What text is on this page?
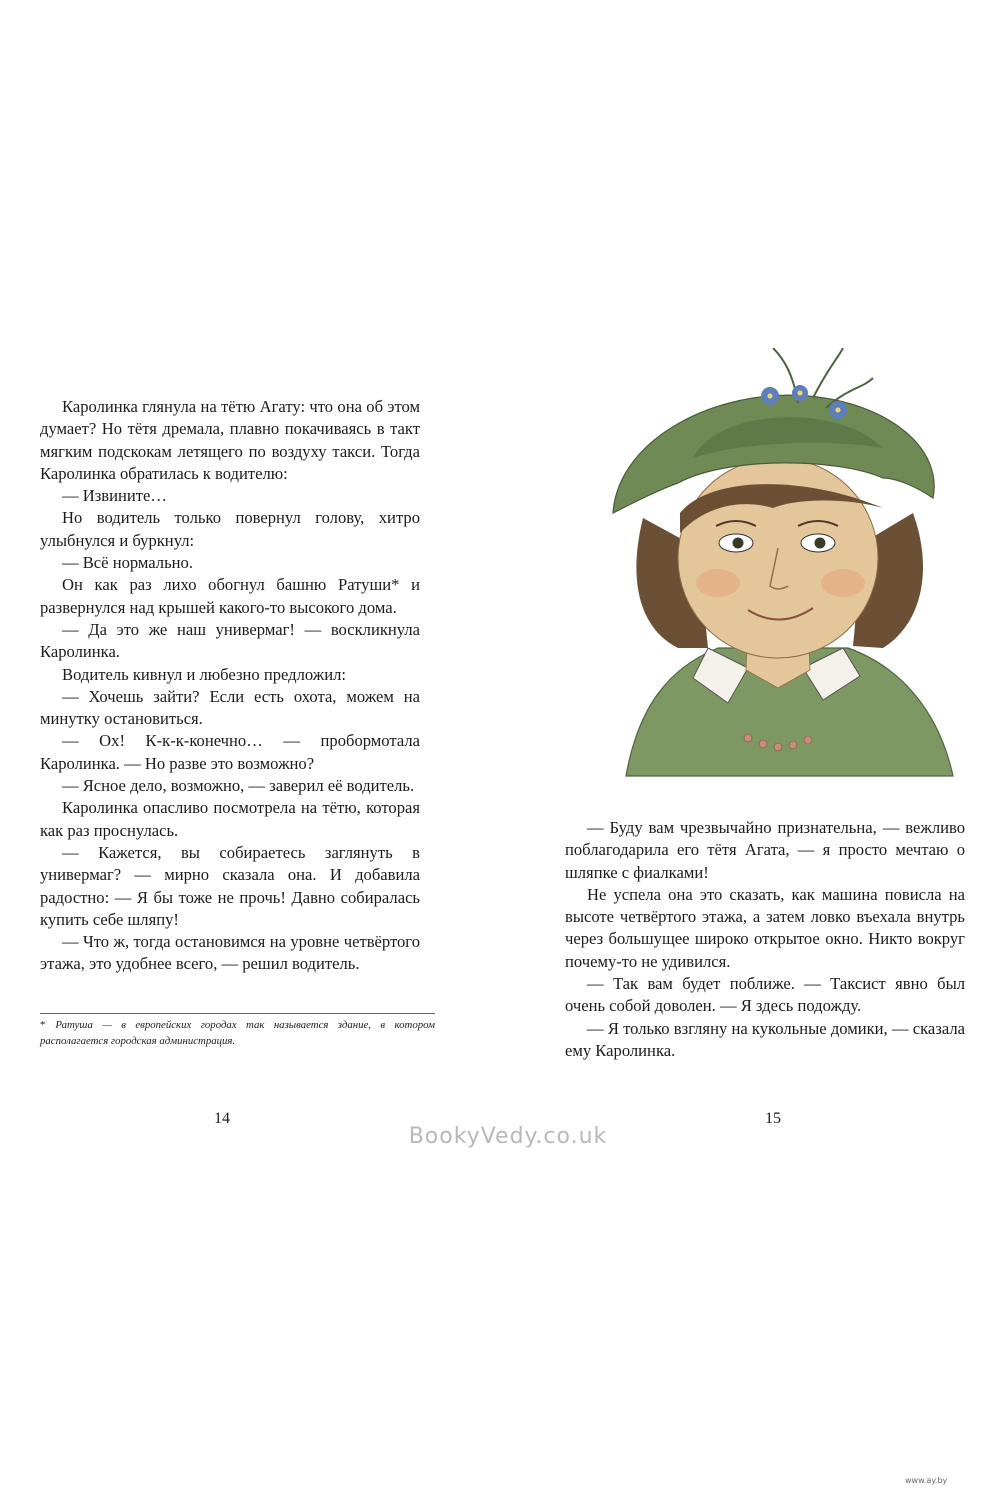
Каролинка глянула на тётю Агату: что она об этом думает? Но тётя дремала, плавно покачиваясь в такт мягким подскокам летящего по воздуху такси. Тогда Каролинка обратилась к водителю:

— Извините…

Но водитель только повернул голову, хитро улыбнулся и буркнул:

— Всё нормально.

Он как раз лихо обогнул башню Ратуши* и развернулся над крышей какого-то высокого дома.

— Да это же наш универмаг! — воскликнула Каролинка.

Водитель кивнул и любезно предложил:

— Хочешь зайти? Если есть охота, можем на минутку остановиться.

— Ох! К-к-к-конечно… — пробормотала Каролинка. — Но разве это возможно?

— Ясное дело, возможно, — заверил её водитель.

Каролинка опасливо посмотрела на тётю, которая как раз проснулась.

— Кажется, вы собираетесь заглянуть в универмаг? — мирно сказала она. И добавила радостно: — Я бы тоже не прочь! Давно собиралась купить себе шляпу!

— Что ж, тогда остановимся на уровне четвёртого этажа, это удобнее всего, — решил водитель.

* Ратуша — в европейских городах так называется здание, в котором располагается городская администрация.
14

— Буду вам чрезвычайно признательна, — вежливо поблагодарила его тётя Агата, — я просто мечтаю о шляпке с фиалками!

Не успела она это сказать, как машина повисла на высоте четвёртого этажа, а затем ловко въехала внутрь через большущее широко открытое окно. Никто вокруг почему-то не удивился.

— Так вам будет поближе. — Таксист явно был очень собой доволен. — Я здесь подожду.

— Я только взгляну на кукольные домики, — сказала ему Каролинка.

15
BookyVedy.co.uk
www.ay.by
